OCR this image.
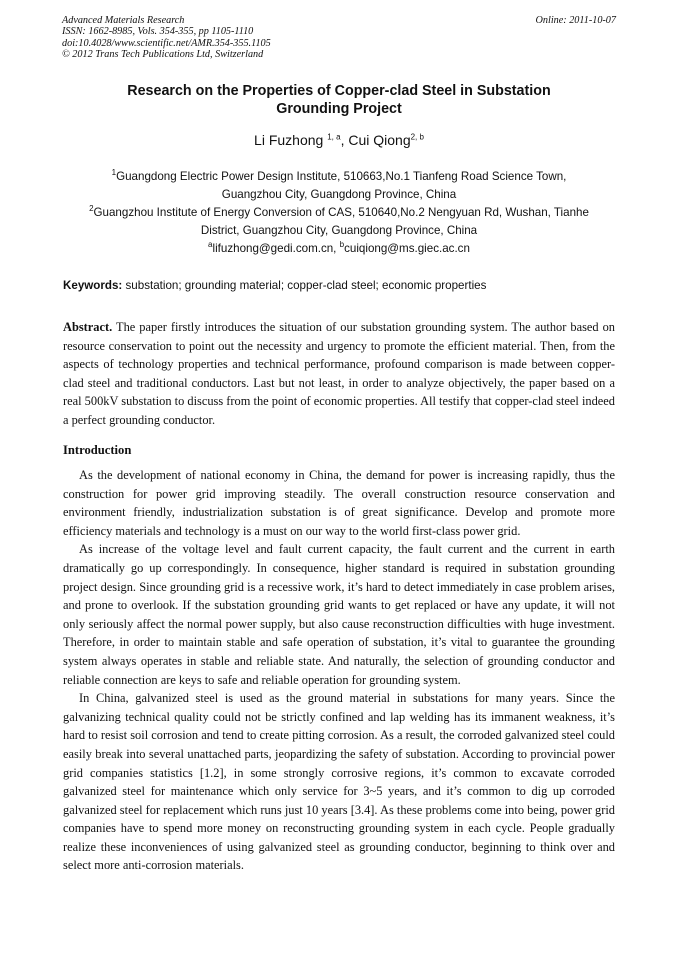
Advanced Materials Research
ISSN: 1662-8985, Vols. 354-355, pp 1105-1110
doi:10.4028/www.scientific.net/AMR.354-355.1105
© 2012 Trans Tech Publications Ltd, Switzerland
Online: 2011-10-07
Research on the Properties of Copper-clad Steel in Substation
Grounding Project
Li Fuzhong $^{1, a}$, Cui Qiong$^{2, b}$
$^1$Guangdong Electric Power Design Institute, 510663,No.1 Tianfeng Road Science Town,
Guangzhou City, Guangdong Province, China
$^2$Guangzhou Institute of Energy Conversion of CAS, 510640,No.2 Nengyuan Rd, Wushan, Tianhe
District, Guangzhou City, Guangdong Province, China
$^a$lifuzhong@gedi.com.cn, $^b$cuiqiong@ms.giec.ac.cn
Keywords: substation; grounding material; copper-clad steel; economic properties
Abstract. The paper firstly introduces the situation of our substation grounding system. The author based on resource conservation to point out the necessity and urgency to promote the efficient material. Then, from the aspects of technology properties and technical performance, profound comparison is made between copper-clad steel and traditional conductors. Last but not least, in order to analyze objectively, the paper based on a real 500kV substation to discuss from the point of economic properties. All testify that copper-clad steel indeed a perfect grounding conductor.
Introduction

As the development of national economy in China, the demand for power is increasing rapidly, thus the construction for power grid improving steadily. The overall construction resource conservation and environment friendly, industrialization substation is of great significance. Develop and promote more efficiency materials and technology is a must on our way to the world first-class power grid.

As increase of the voltage level and fault current capacity, the fault current and the current in earth dramatically go up correspondingly. In consequence, higher standard is required in substation grounding project design. Since grounding grid is a recessive work, it’s hard to detect immediately in case problem arises, and prone to overlook. If the substation grounding grid wants to get replaced or have any update, it will not only seriously affect the normal power supply, but also cause reconstruction difficulties with huge investment. Therefore, in order to maintain stable and safe operation of substation, it’s vital to guarantee the grounding system always operates in stable and reliable state. And naturally, the selection of grounding conductor and reliable connection are keys to safe and reliable operation for grounding system.

In China, galvanized steel is used as the ground material in substations for many years. Since the galvanizing technical quality could not be strictly confined and lap welding has its immanent weakness, it’s hard to resist soil corrosion and tend to create pitting corrosion. As a result, the corroded galvanized steel could easily break into several unattached parts, jeopardizing the safety of substation. According to provincial power grid companies statistics [1.2], in some strongly corrosive regions, it’s common to excavate corroded galvanized steel for maintenance which only service for 3~5 years, and it’s common to dig up corroded galvanized steel for replacement which runs just 10 years [3.4]. As these problems come into being, power grid companies have to spend more money on reconstructing grounding system in each cycle. People gradually realize these inconveniences of using galvanized steel as grounding conductor, beginning to think over and select more anti-corrosion materials.
